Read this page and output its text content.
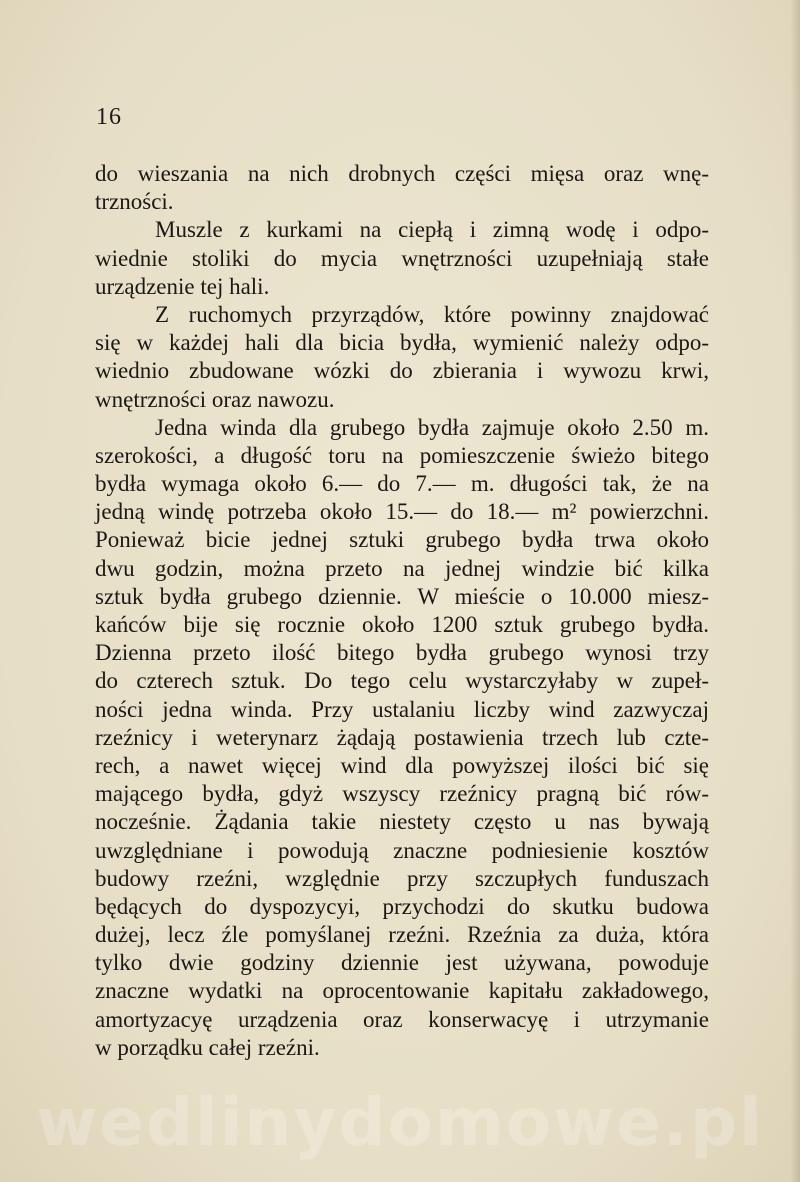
16
do wieszania na nich drobnych części mięsa oraz wnę-
trzności.
Muszle z kurkami na ciepłą i zimną wodę i odpo-
wiednie stoliki do mycia wnętrzności uzupełniają stałe
urządzenie tej hali.
Z ruchomych przyrządów, które powinny znajdować
się w każdej hali dla bicia bydła, wymienić należy odpo-
wiednio zbudowane wózki do zbierania i wywozu krwi,
wnętrzności oraz nawozu.
Jedna winda dla grubego bydła zajmuje około 2.50 m.
szerokości, a długość toru na pomieszczenie świeżo bitego
bydła wymaga około 6.— do 7.— m. długości tak, że na
jedną windę potrzeba około 15.— do 18.— m² powierzchni.
Ponieważ bicie jednej sztuki grubego bydła trwa około
dwu godzin, można przeto na jednej windzie bić kilka
sztuk bydła grubego dziennie. W mieście o 10.000 miesz-
kańców bije się rocznie około 1200 sztuk grubego bydła.
Dzienna przeto ilość bitego bydła grubego wynosi trzy
do czterech sztuk. Do tego celu wystarczyłaby w zupeł-
ności jedna winda. Przy ustalaniu liczby wind zazwyczaj
rzeźnicy i weterynarz żądają postawienia trzech lub czte-
rech, a nawet więcej wind dla powyższej ilości bić się
mającego bydła, gdyż wszyscy rzeźnicy pragną bić rów-
nocześnie. Żądania takie niestety często u nas bywają
uwzględniane i powodują znaczne podniesienie kosztów
budowy rzeźni, względnie przy szczupłych funduszach
będących do dyspozycyi, przychodzi do skutku budowa
dużej, lecz źle pomyślanej rzeźni. Rzeźnia za duża, która
tylko dwie godziny dziennie jest używana, powoduje
znaczne wydatki na oprocentowanie kapitału zakładowego,
amortyzacyę urządzenia oraz konserwacyę i utrzymanie
w porządku całej rzeźni.
wedlinydomowe.pl
